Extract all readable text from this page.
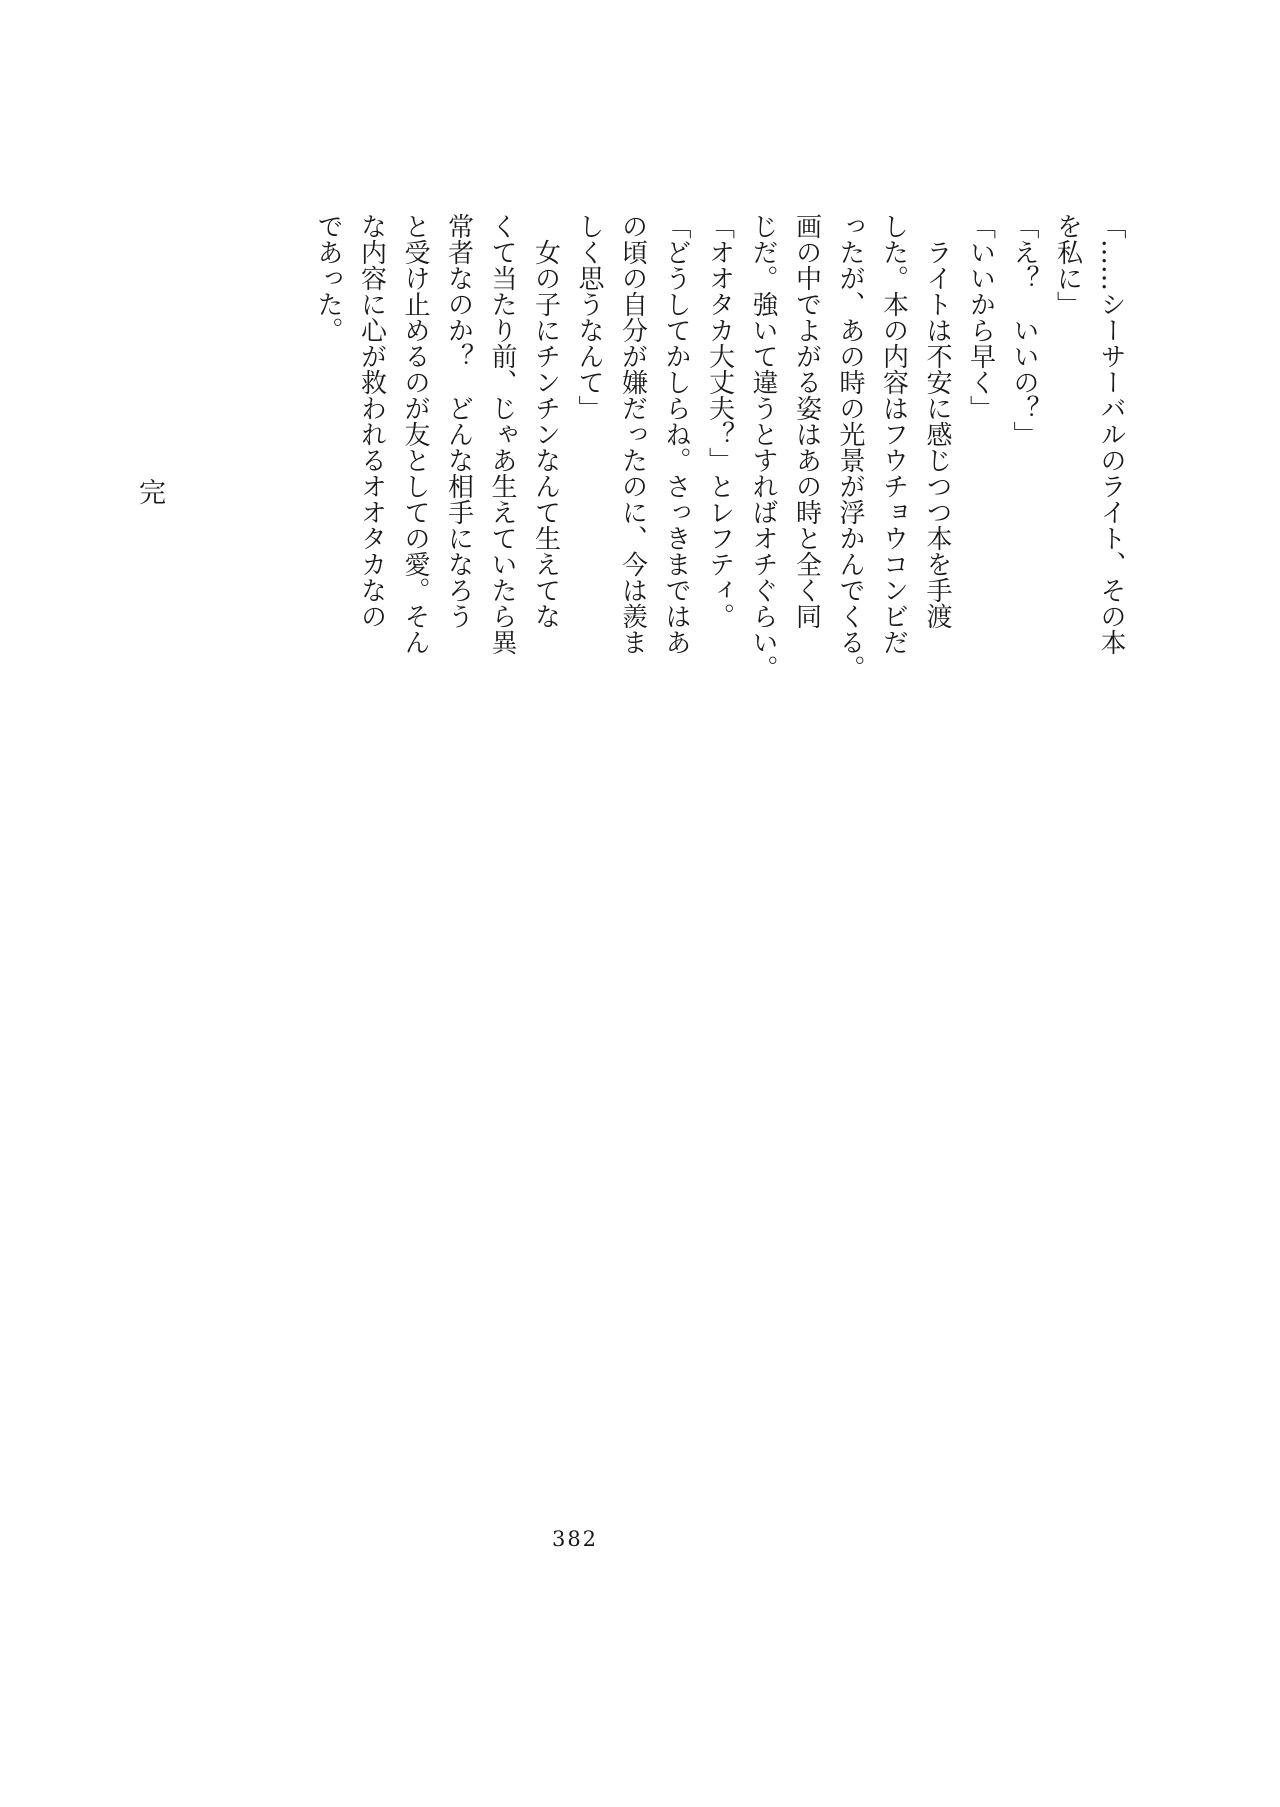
「……シーサーバルのライト、その本
を私に」
「え？　いいの？」
「いいから早く」
ライトは不安に感じつつ本を手渡
した。本の内容はフウチョウコンビだ
ったが、あの時の光景が浮かんでくる。
画の中でよがる姿はあの時と全く同
じだ。強いて違うとすればオチぐらい。
「オオタカ大丈夫？」とレフティ。
「どうしてかしらね。さっきまではあ
の頃の自分が嫌だったのに、今は羨ま
しく思うなんて」
女の子にチンチンなんて生えてな
くて当たり前、じゃあ生えていたら異
常者なのか？　どんな相手になろう
と受け止めるのが友としての愛。そん
な内容に心が救われるオオタカなの
であった。
完
382
